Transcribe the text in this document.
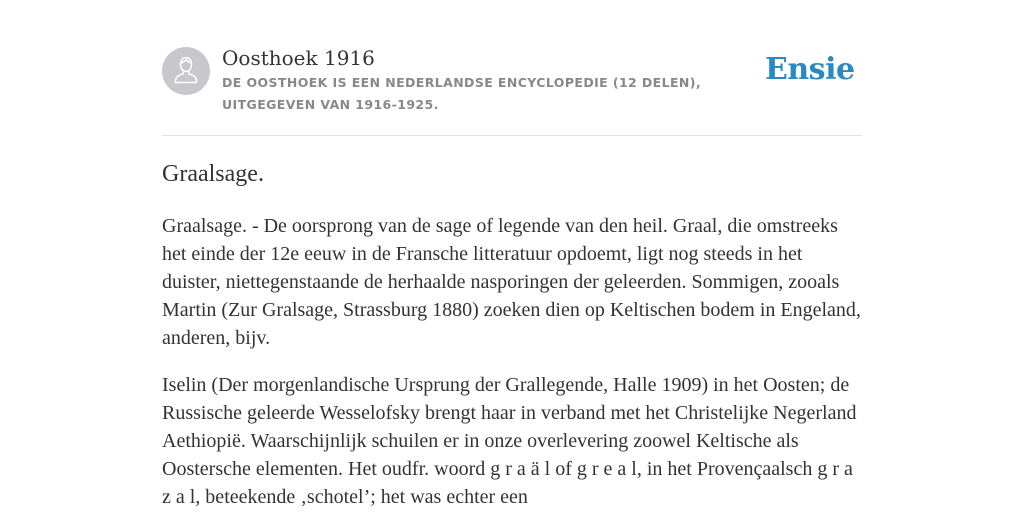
Oosthoek 1916
DE OOSTHOEK IS EEN NEDERLANDSE ENCYCLOPEDIE (12 DELEN), UITGEGEVEN VAN 1916-1925.
Ensie
Graalsage.

Graalsage. - De oorsprong van de sage of legende van den heil. Graal, die omstreeks het einde der 12e eeuw in de Fransche litteratuur opdoemt, ligt nog steeds in het duister, niettegenstaande de herhaalde nasporingen der geleerden. Sommigen, zooals Martin (Zur Gralsage, Strassburg 1880) zoeken dien op Keltischen bodem in Engeland, anderen, bijv.

Iselin (Der morgenlandische Ursprung der Grallegende, Halle 1909) in het Oosten; de Russische geleerde Wesselofsky brengt haar in verband met het Christelijke Negerland Aethiopië. Waarschijnlijk schuilen er in onze overlevering zoowel Keltische als Oostersche elementen. Het oudfr. woord g r a ä l of g r e a l, in het Provençaalsch g r a z a l, beteekende ‚schotel’; het was echter een
